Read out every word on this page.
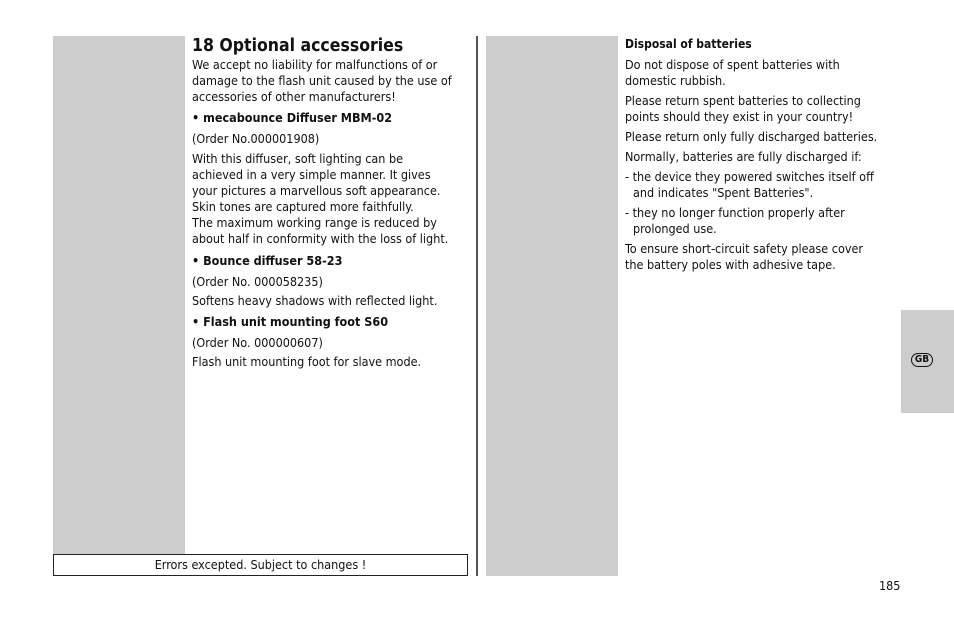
18 Optional accessories

We accept no liability for malfunctions of or

damage to the flash unit caused by the use of

accessories of other manufacturers!

• mecabounce Diffuser MBM-02
(Order No.000001908)

With this diffuser, soft lighting can be

achieved in a very simple manner. It gives

your pictures a marvellous soft appearance.

Skin tones are captured more faithfully.

The maximum working range is reduced by

about half in conformity with the loss of light.

• Bounce diffuser 58-23
(Order No. 000058235)
Softens heavy shadows with reflected light.
• Flash unit mounting foot S60
(Order No. 000000607)
Flash unit mounting foot for slave mode.
Errors excepted. Subject to changes !
Disposal of batteries

Do not dispose of spent batteries with

domestic rubbish.

Please return spent batteries to collecting

points should they exist in your country!

Please return only fully discharged batteries.

Normally, batteries are fully discharged if:

- the device they powered switches itself off

and indicates "Spent Batteries".

- they no longer function properly after

prolonged use.

To ensure short-circuit safety please cover

the battery poles with adhesive tape.

GB
185
